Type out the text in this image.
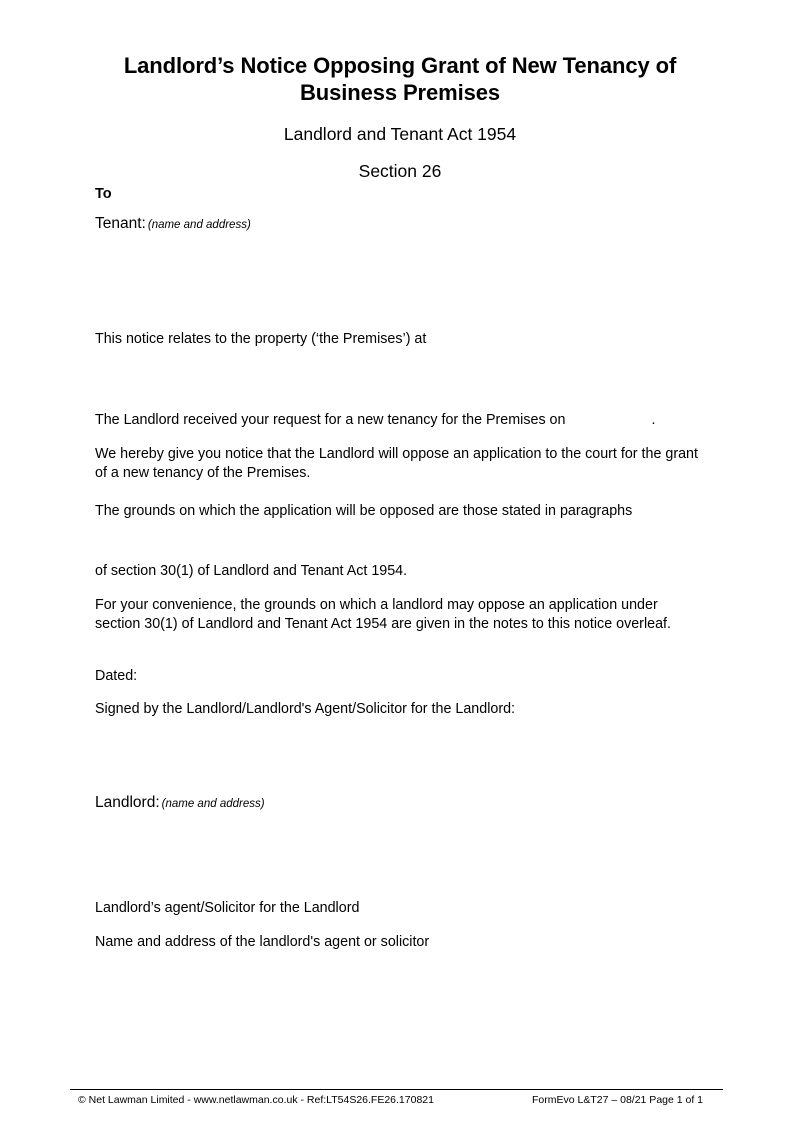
Landlord’s Notice Opposing Grant of New Tenancy of Business Premises
Landlord and Tenant Act 1954
Section 26
To
Tenant: (name and address)

This notice relates to the property (‘the Premises’) at

The Landlord received your request for a new tenancy for the Premises on	.

We hereby give you notice that the Landlord will oppose an application to the court for the grant of a new tenancy of the Premises.

The grounds on which the application will be opposed are those stated in paragraphs

of section 30(1) of Landlord and Tenant Act 1954.

For your convenience, the grounds on which a landlord may oppose an application under section 30(1) of Landlord and Tenant Act 1954 are given in the notes to this notice overleaf.

Dated:

Signed by the Landlord/Landlord's Agent/Solicitor for the Landlord:

Landlord: (name and address)

Landlord’s agent/Solicitor for the Landlord

Name and address of the landlord's agent or solicitor

© Net Lawman Limited - www.netlawman.co.uk - Ref:LT54S26.FE26.170821	FormEvo L&T27 – 08/21 Page 1 of 1
